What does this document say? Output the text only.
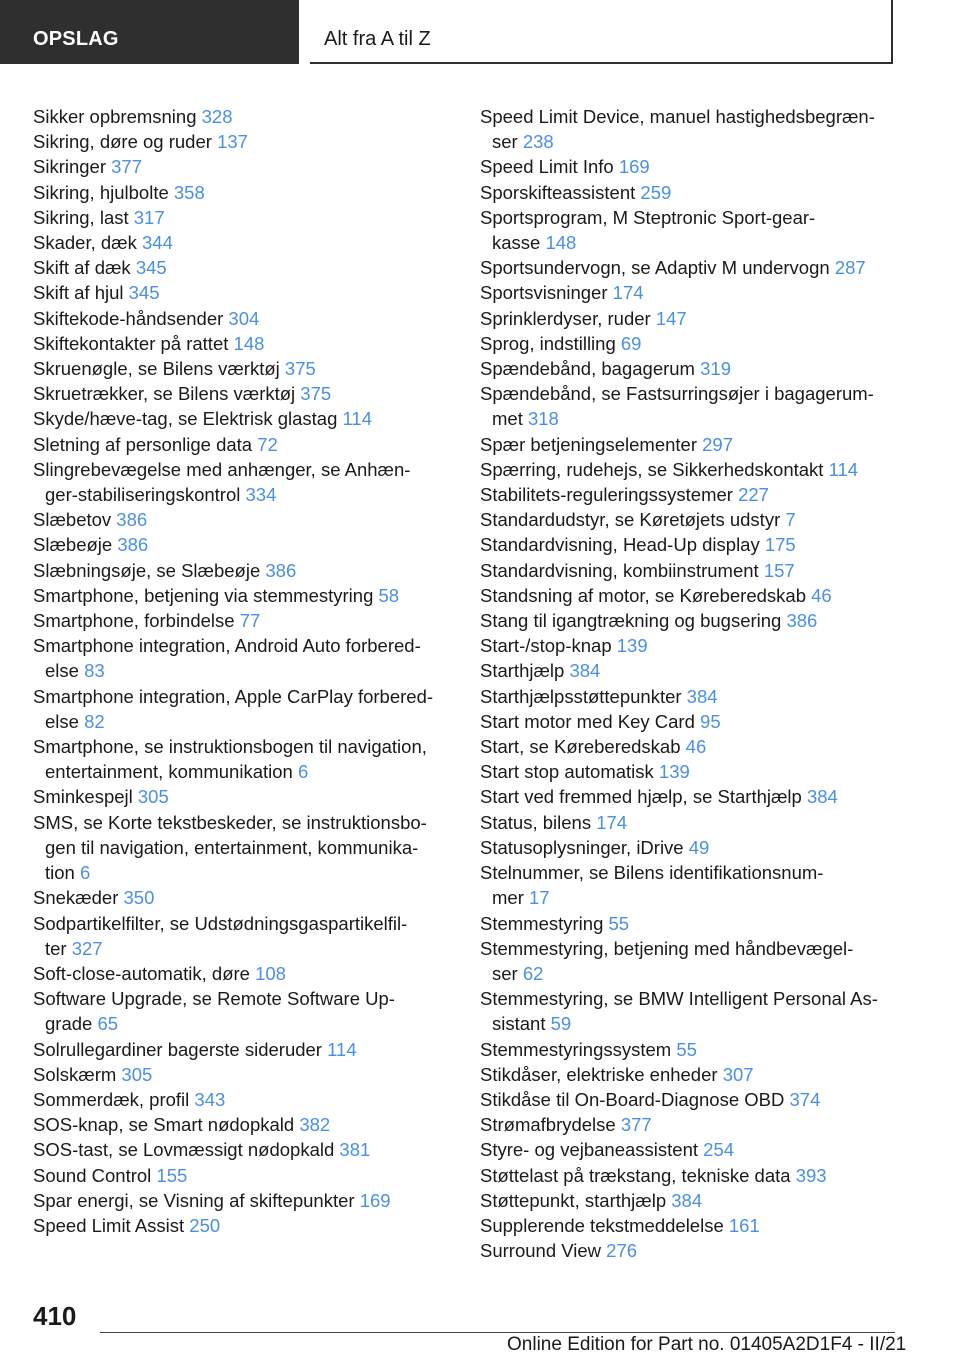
OPSLAG	Alt fra A til Z
Sikker opbremsning 328
Sikring, døre og ruder 137
Sikringer 377
Sikring, hjulbolte 358
Sikring, last 317
Skader, dæk 344
Skift af dæk 345
Skift af hjul 345
Skiftekode-håndsender 304
Skiftekontakter på rattet 148
Skruenøgle, se Bilens værktøj 375
Skruetrækker, se Bilens værktøj 375
Skyde/hæve-tag, se Elektrisk glastag 114
Sletning af personlige data 72
Slingrebevægelse med anhænger, se Anhæn-
ger-stabiliseringskontrol 334
Slæbetov 386
Slæbeøje 386
Slæbningsøje, se Slæbeøje 386
Smartphone, betjening via stemmestyring 58
Smartphone, forbindelse 77
Smartphone integration, Android Auto forbered-
else 83
Smartphone integration, Apple CarPlay forbered-
else 82
Smartphone, se instruktionsbogen til navigation,
entertainment, kommunikation 6
Sminkespejl 305
SMS, se Korte tekstbeskeder, se instruktionsbo-
gen til navigation, entertainment, kommunika-
tion 6
Snekæder 350
Sodpartikelfilter, se Udstødningsgaspartikelfil-
ter 327
Soft-close-automatik, døre 108
Software Upgrade, se Remote Software Up-
grade 65
Solrullegardiner bagerste sideruder 114
Solskærm 305
Sommerdæk, profil 343
SOS-knap, se Smart nødopkald 382
SOS-tast, se Lovmæssigt nødopkald 381
Sound Control 155
Spar energi, se Visning af skiftepunkter 169
Speed Limit Assist 250
Speed Limit Device, manuel hastighedsbegræn-
ser 238
Speed Limit Info 169
Sporskifteassistent 259
Sportsprogram, M Steptronic Sport-gear-
kasse 148
Sportsundervogn, se Adaptiv M undervogn 287
Sportsvisninger 174
Sprinklerdyser, ruder 147
Sprog, indstilling 69
Spændebånd, bagagerum 319
Spændebånd, se Fastsurringsøjer i bagagerum-
met 318
Spær betjeningselementer 297
Spærring, rudehejs, se Sikkerhedskontakt 114
Stabilitets-reguleringssystemer 227
Standardudstyr, se Køretøjets udstyr 7
Standardvisning, Head-Up display 175
Standardvisning, kombiinstrument 157
Standsning af motor, se Kørеberedskab 46
Stang til igangtrækning og bugsering 386
Start-/stop-knap 139
Starthjælp 384
Starthjælpsstøttepunkter 384
Start motor med Key Card 95
Start, se Køreberedskab 46
Start stop automatisk 139
Start ved fremmed hjælp, se Starthjælp 384
Status, bilens 174
Statusoplysninger, iDrive 49
Stelnummer, se Bilens identifikationsnum-
mer 17
Stemmestyring 55
Stemmestyring, betjening med håndbevægel-
ser 62
Stemmestyring, se BMW Intelligent Personal As-
sistant 59
Stemmestyringssystem 55
Stikdåser, elektriske enheder 307
Stikdåse til On-Board-Diagnose OBD 374
Strømafbrydelse 377
Styre- og vejbaneassistent 254
Støttelast på trækstang, tekniske data 393
Støttepunkt, starthjælp 384
Supplerende tekstmeddelelse 161
Surround View 276
410
Online Edition for Part no. 01405A2D1F4 - II/21
